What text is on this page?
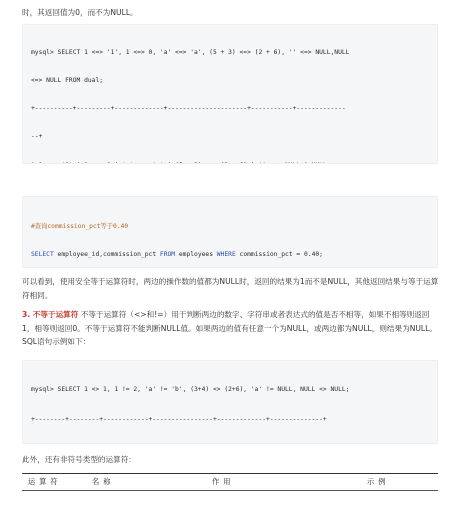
时，其返回值为0，而不为NULL。

mysql> SELECT 1 <=> '1', 1 <=> 0, 'a' <=> 'a', (5 + 3) <=> (2 + 6), '' <=> NULL,NULL

<=> NULL FROM dual;

+----------+---------+-------------+---------------------+-----------+-------------

--+

#查询commission_pct等于0.40

SELECT employee_id,commission_pct FROM employees WHERE commission_pct = 0.40;

可以看到，使用安全等于运算符时，两边的操作数的值都为NULL时，返回的结果为1而不是NULL，其他返回结果与等于运算符相同。
3. 不等于运算符 不等于运算符（<>和!=）用于判断两边的数字、字符串或者表达式的值是否不相等，如果不相等则返回1，相等则返回0。不等于运算符不能判断NULL值。如果两边的值有任意一个为NULL，或两边都为NULL，则结果为NULL。SQL语句示例如下：

mysql> SELECT 1 <> 1, 1 != 2, 'a' != 'b', (3+4) <> (2+6), 'a' != NULL, NULL <> NULL;

+--------+--------+------------+----------------+-------------+--------------+

此外，还有非符号类型的运算符：
运算符	名称	作用	示例
